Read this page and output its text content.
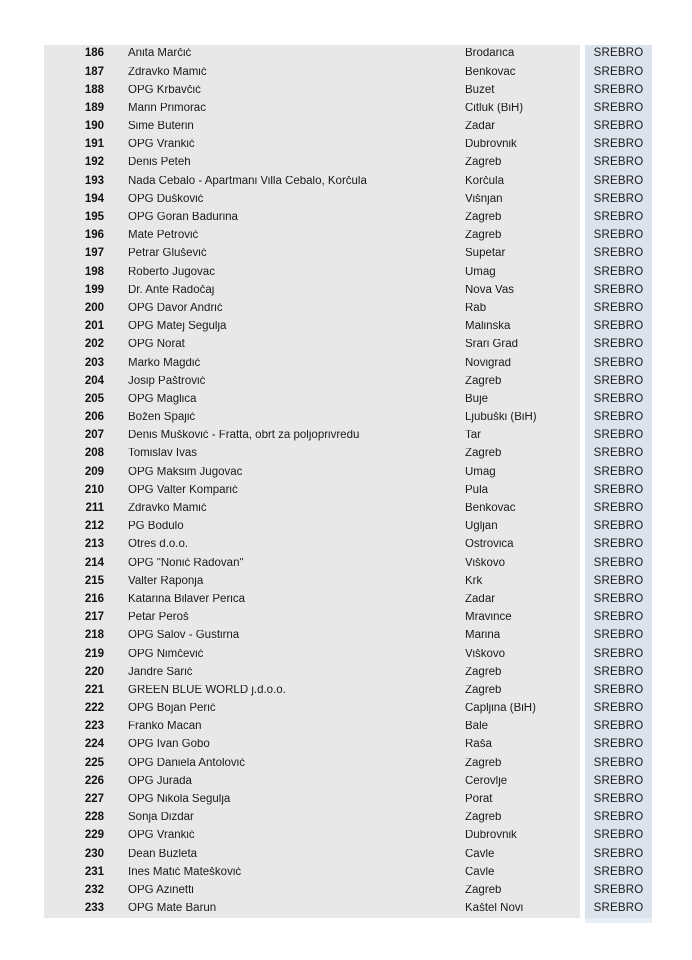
186	Anita Marčić	Brodarica	SREBRO
187	Zdravko Mamić	Benkovac	SREBRO
188	OPG Krbavčić	Buzet	SREBRO
189	Marin Primorac	Čitluk (BiH)	SREBRO
190	Šime Buterin	Zadar	SREBRO
191	OPG Vrankić	Dubrovnik	SREBRO
192	Denis Peteh	Zagreb	SREBRO
193	Nada Cebalo - Apartmani Villa Cebalo, Korčula	Korčula	SREBRO
194	OPG Dušković	Višnjan	SREBRO
195	OPG Goran Badurina	Zagreb	SREBRO
196	Mate Petrović	Zagreb	SREBRO
197	Petrar Glušević	Supetar	SREBRO
198	Roberto Jugovac	Umag	SREBRO
199	Dr. Ante Radočaj	Nova Vas	SREBRO
200	OPG Davor Andrić	Rab	SREBRO
201	OPG Matej Šegulja	Malinska	SREBRO
202	OPG Norat	Srari Grad	SREBRO
203	Marko Magdić	Novigrad	SREBRO
204	Josip Paštrović	Zagreb	SREBRO
205	OPG Maglica	Buje	SREBRO
206	Božen Spajić	Ljubuški (BiH)	SREBRO
207	Denis Mušković - Fratta, obrt za poljoprivredu	Tar	SREBRO
208	Tomislav Ivas	Zagreb	SREBRO
209	OPG Maksim Jugovac	Umag	SREBRO
210	OPG Valter Komparić	Pula	SREBRO
211	Zdravko Mamić	Benkovac	SREBRO
212	PG Bodulo	Ugljan	SREBRO
213	Otres d.o.o.	Ostrovica	SREBRO
214	OPG "Nonić Radovan"	Viškovo	SREBRO
215	Valter Raponja	Krk	SREBRO
216	Katarina Bilaver Perica	Zadar	SREBRO
217	Petar Peroš	Mravince	SREBRO
218	OPG Šalov - Gustirna	Marina	SREBRO
219	OPG Nimčević	Viškovo	SREBRO
220	Jandre Šarić	Zagreb	SREBRO
221	GREEN BLUE WORLD j.d.o.o.	Zagreb	SREBRO
222	OPG Bojan Perić	Čapljina (BiH)	SREBRO
223	Franko Macan	Bale	SREBRO
224	OPG Ivan Gobo	Raša	SREBRO
225	OPG Daniela Antolović	Zagreb	SREBRO
226	OPG Jurada	Cerovlje	SREBRO
227	OPG Nikola Šegulja	Porat	SREBRO
228	Sonja Dizdar	Zagreb	SREBRO
229	OPG Vrankić	Dubrovnik	SREBRO
230	Dean Buzleta	Čavle	SREBRO
231	Ines Matić Matešković	Čavle	SREBRO
232	OPG Azinetti	Zagreb	SREBRO
233	OPG Mate Barun	Kaštel Novi	SREBRO
